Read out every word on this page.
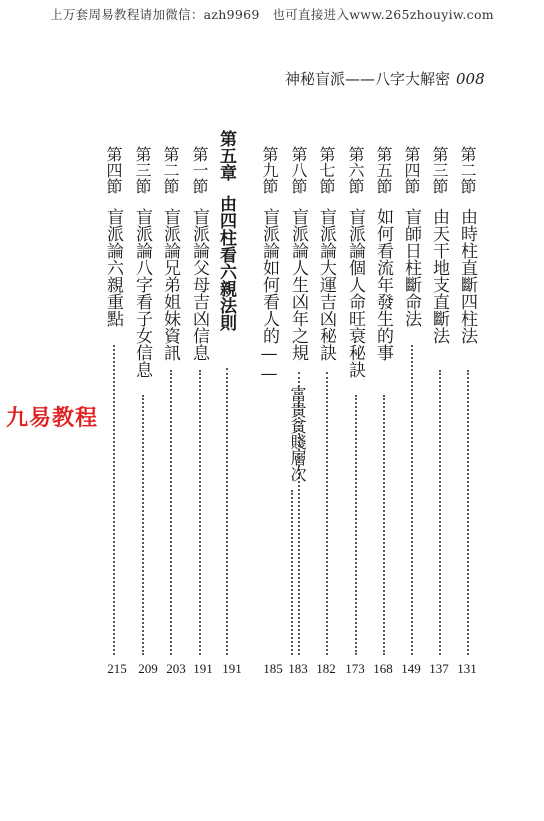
上万套周易教程请加微信：azh9969　也可直接进入www.265zhouyiw.com
神秘盲派——八字大解密 008
九易教程
第二節由時柱直斷四柱法
131
第三節由天干地支直斷法
137
第四節盲師日柱斷命法
149
第五節如何看流年發生的事
168
第六節盲派論個人命旺衰秘訣
173
第七節盲派論大運吉凶秘訣
182
第八節盲派論人生凶年之規
183
第九節盲派論如何看人的——
富貴貧賤層次
185
第五章由四柱看六親法則
191
第一節盲派論父母吉凶信息
191
第二節盲派論兄弟姐妹資訊
203
第三節盲派論八字看子女信息
209
第四節盲派論六親重點
215
